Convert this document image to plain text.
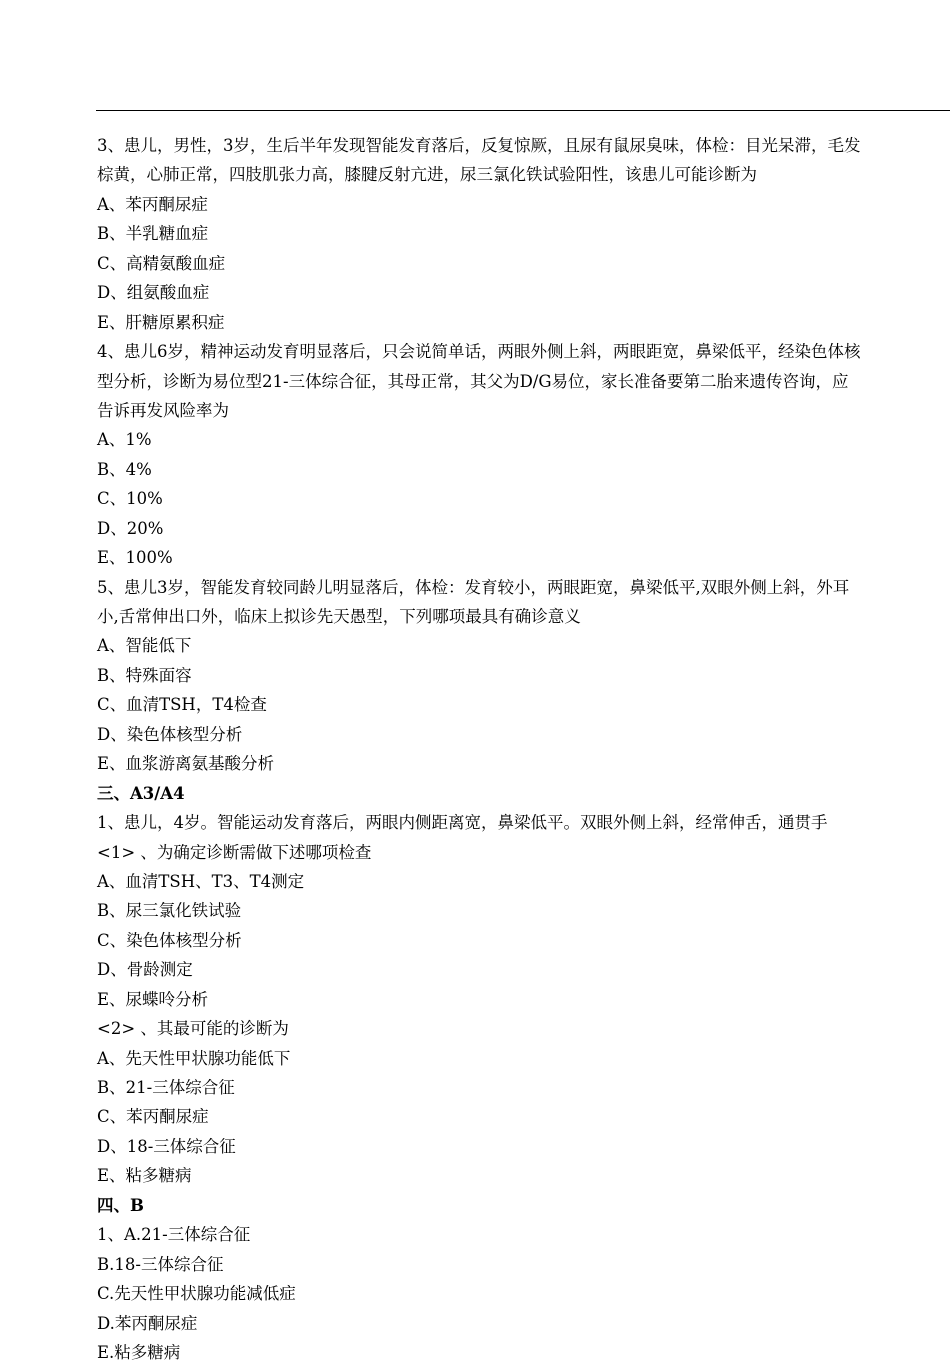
3、患儿，男性，3岁，生后半年发现智能发育落后，反复惊厥，且尿有鼠尿臭味，体检：目光呆滞，毛发
棕黄，心肺正常，四肢肌张力高，膝腱反射亢进，尿三氯化铁试验阳性，该患儿可能诊断为
A、苯丙酮尿症
B、半乳糖血症
C、高精氨酸血症
D、组氨酸血症
E、肝糖原累积症
4、患儿6岁，精神运动发育明显落后，只会说简单话，两眼外侧上斜，两眼距宽，鼻梁低平，经染色体核
型分析，诊断为易位型21-三体综合征，其母正常，其父为D/G易位，家长准备要第二胎来遗传咨询，应
告诉再发风险率为
A、1%
B、4%
C、10%
D、20%
E、100%
5、患儿3岁，智能发育较同龄儿明显落后，体检：发育较小，两眼距宽，鼻梁低平,双眼外侧上斜，外耳
小,舌常伸出口外，临床上拟诊先天愚型，下列哪项最具有确诊意义
A、智能低下
B、特殊面容
C、血清TSH，T4检查
D、染色体核型分析
E、血浆游离氨基酸分析
三、A3/A4
1、患儿，4岁。智能运动发育落后，两眼内侧距离宽，鼻梁低平。双眼外侧上斜，经常伸舌，通贯手
<1> 、为确定诊断需做下述哪项检查
A、血清TSH、T3、T4测定
B、尿三氯化铁试验
C、染色体核型分析
D、骨龄测定
E、尿蝶呤分析
<2> 、其最可能的诊断为
A、先天性甲状腺功能低下
B、21-三体综合征
C、苯丙酮尿症
D、18-三体综合征
E、粘多糖病
四、B
1、A.21-三体综合征
B.18-三体综合征
C.先天性甲状腺功能减低症
D.苯丙酮尿症
E.粘多糖病
